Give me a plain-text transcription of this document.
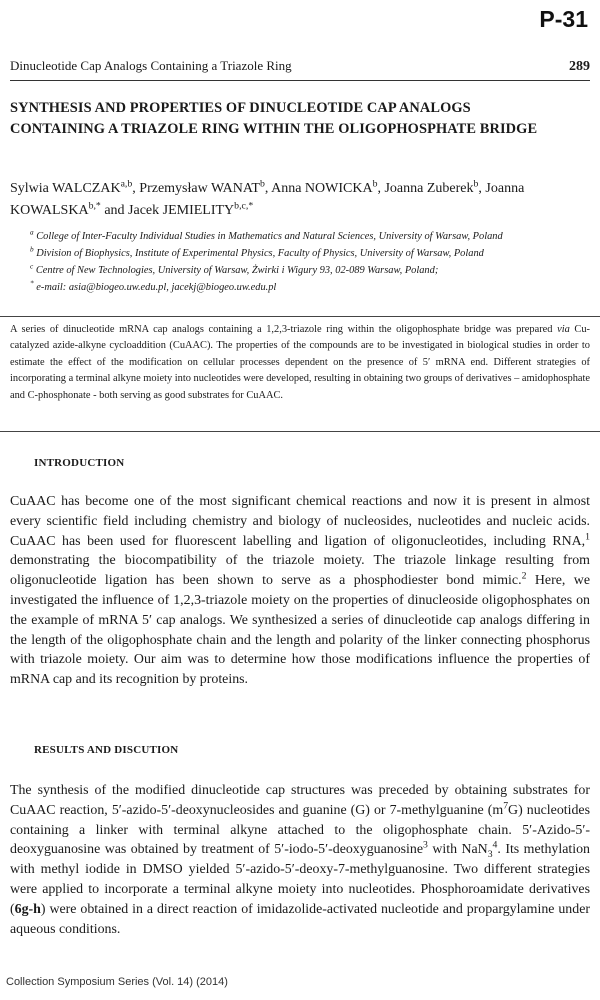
P-31
Dinucleotide Cap Analogs Containing a Triazole Ring	289
SYNTHESIS AND PROPERTIES OF DINUCLEOTIDE CAP ANALOGS
CONTAINING A TRIAZOLE RING WITHIN THE OLIGOPHOSPHATE BRIDGE

Sylwia WALCZAK$^{a,b}$, Przemysław WANAT$^b$, Anna NOWICKA$^b$, Joanna Zuberek$^b$, Joanna $KOWALSKA^{b,*}$ and Jacek $JEMIELITY^{b,c,*}$

$^a$ College of Inter-Faculty Individual Studies in Mathematics and Natural Sciences, University of Warsaw, Poland
$^b$ Division of Biophysics, Institute of Experimental Physics, Faculty of Physics, University of Warsaw, Poland
$^c$ Centre of New Technologies, University of Warsaw, Żwirki i Wigury 93, 02-089 Warsaw, Poland;
* e-mail: asia@biogeo.uw.edu.pl, jacekj@biogeo.uw.edu.pl
A series of dinucleotide mRNA cap analogs containing a 1,2,3-triazole ring within the oligophosphate bridge was prepared via Cu-catalyzed azide-alkyne cycloaddition (CuAAC). The properties of the compounds are to be investigated in biological studies in order to estimate the effect of the modification on cellular processes dependent on the presence of 5′ mRNA end. Different strategies of incorporating a terminal alkyne moiety into nucleotides were developed, resulting in obtaining two groups of derivatives – amidophosphate and C-phosphonate - both serving as good substrates for CuAAC.
INTRODUCTION

CuAAC has become one of the most significant chemical reactions and now it is present in almost every scientific field including chemistry and biology of nucleosides, nucleotides and nucleic acids. CuAAC has been used for fluorescent labelling and ligation of oligonucleotides, including RNA,$^1$ demonstrating the biocompatibility of the triazole moiety. The triazole linkage resulting from oligonucleotide ligation has been shown to serve as a phosphodiester bond mimic.$^2$ Here, we investigated the influence of 1,2,3-triazole moiety on the properties of dinucleoside oligophosphates on the example of mRNA 5′ cap analogs. We synthesized a series of dinucleotide cap analogs differing in the length of the oligophosphate chain and the length and polarity of the linker connecting phosphorus with triazole moiety. Our aim was to determine how those modifications influence the properties of mRNA cap and its recognition by proteins.

RESULTS AND DISCUTION

The synthesis of the modified dinucleotide cap structures was preceded by obtaining substrates for CuAAC reaction, 5′-azido-5′-deoxynucleosides and guanine (G) or 7-methylguanine $(m^7G)$ nucleotides containing a linker with terminal alkyne attached to the oligophosphate chain. 5′-Azido-5′-deoxyguanosine was obtained by treatment of 5′-iodo-5′-deoxyguanosine$^3$ with NaN$_3^4$. Its methylation with methyl iodide in DMSO yielded 5′-azido-5′-deoxy-7-methylguanosine. Two different strategies were applied to incorporate a terminal alkyne moiety into nucleotides. Phosphoroamidate derivatives (6g-h) were obtained in a direct reaction of imidazolide-activated nucleotide and propargylamine under aqueous conditions.

Collection Symposium Series (Vol. 14) (2014)
